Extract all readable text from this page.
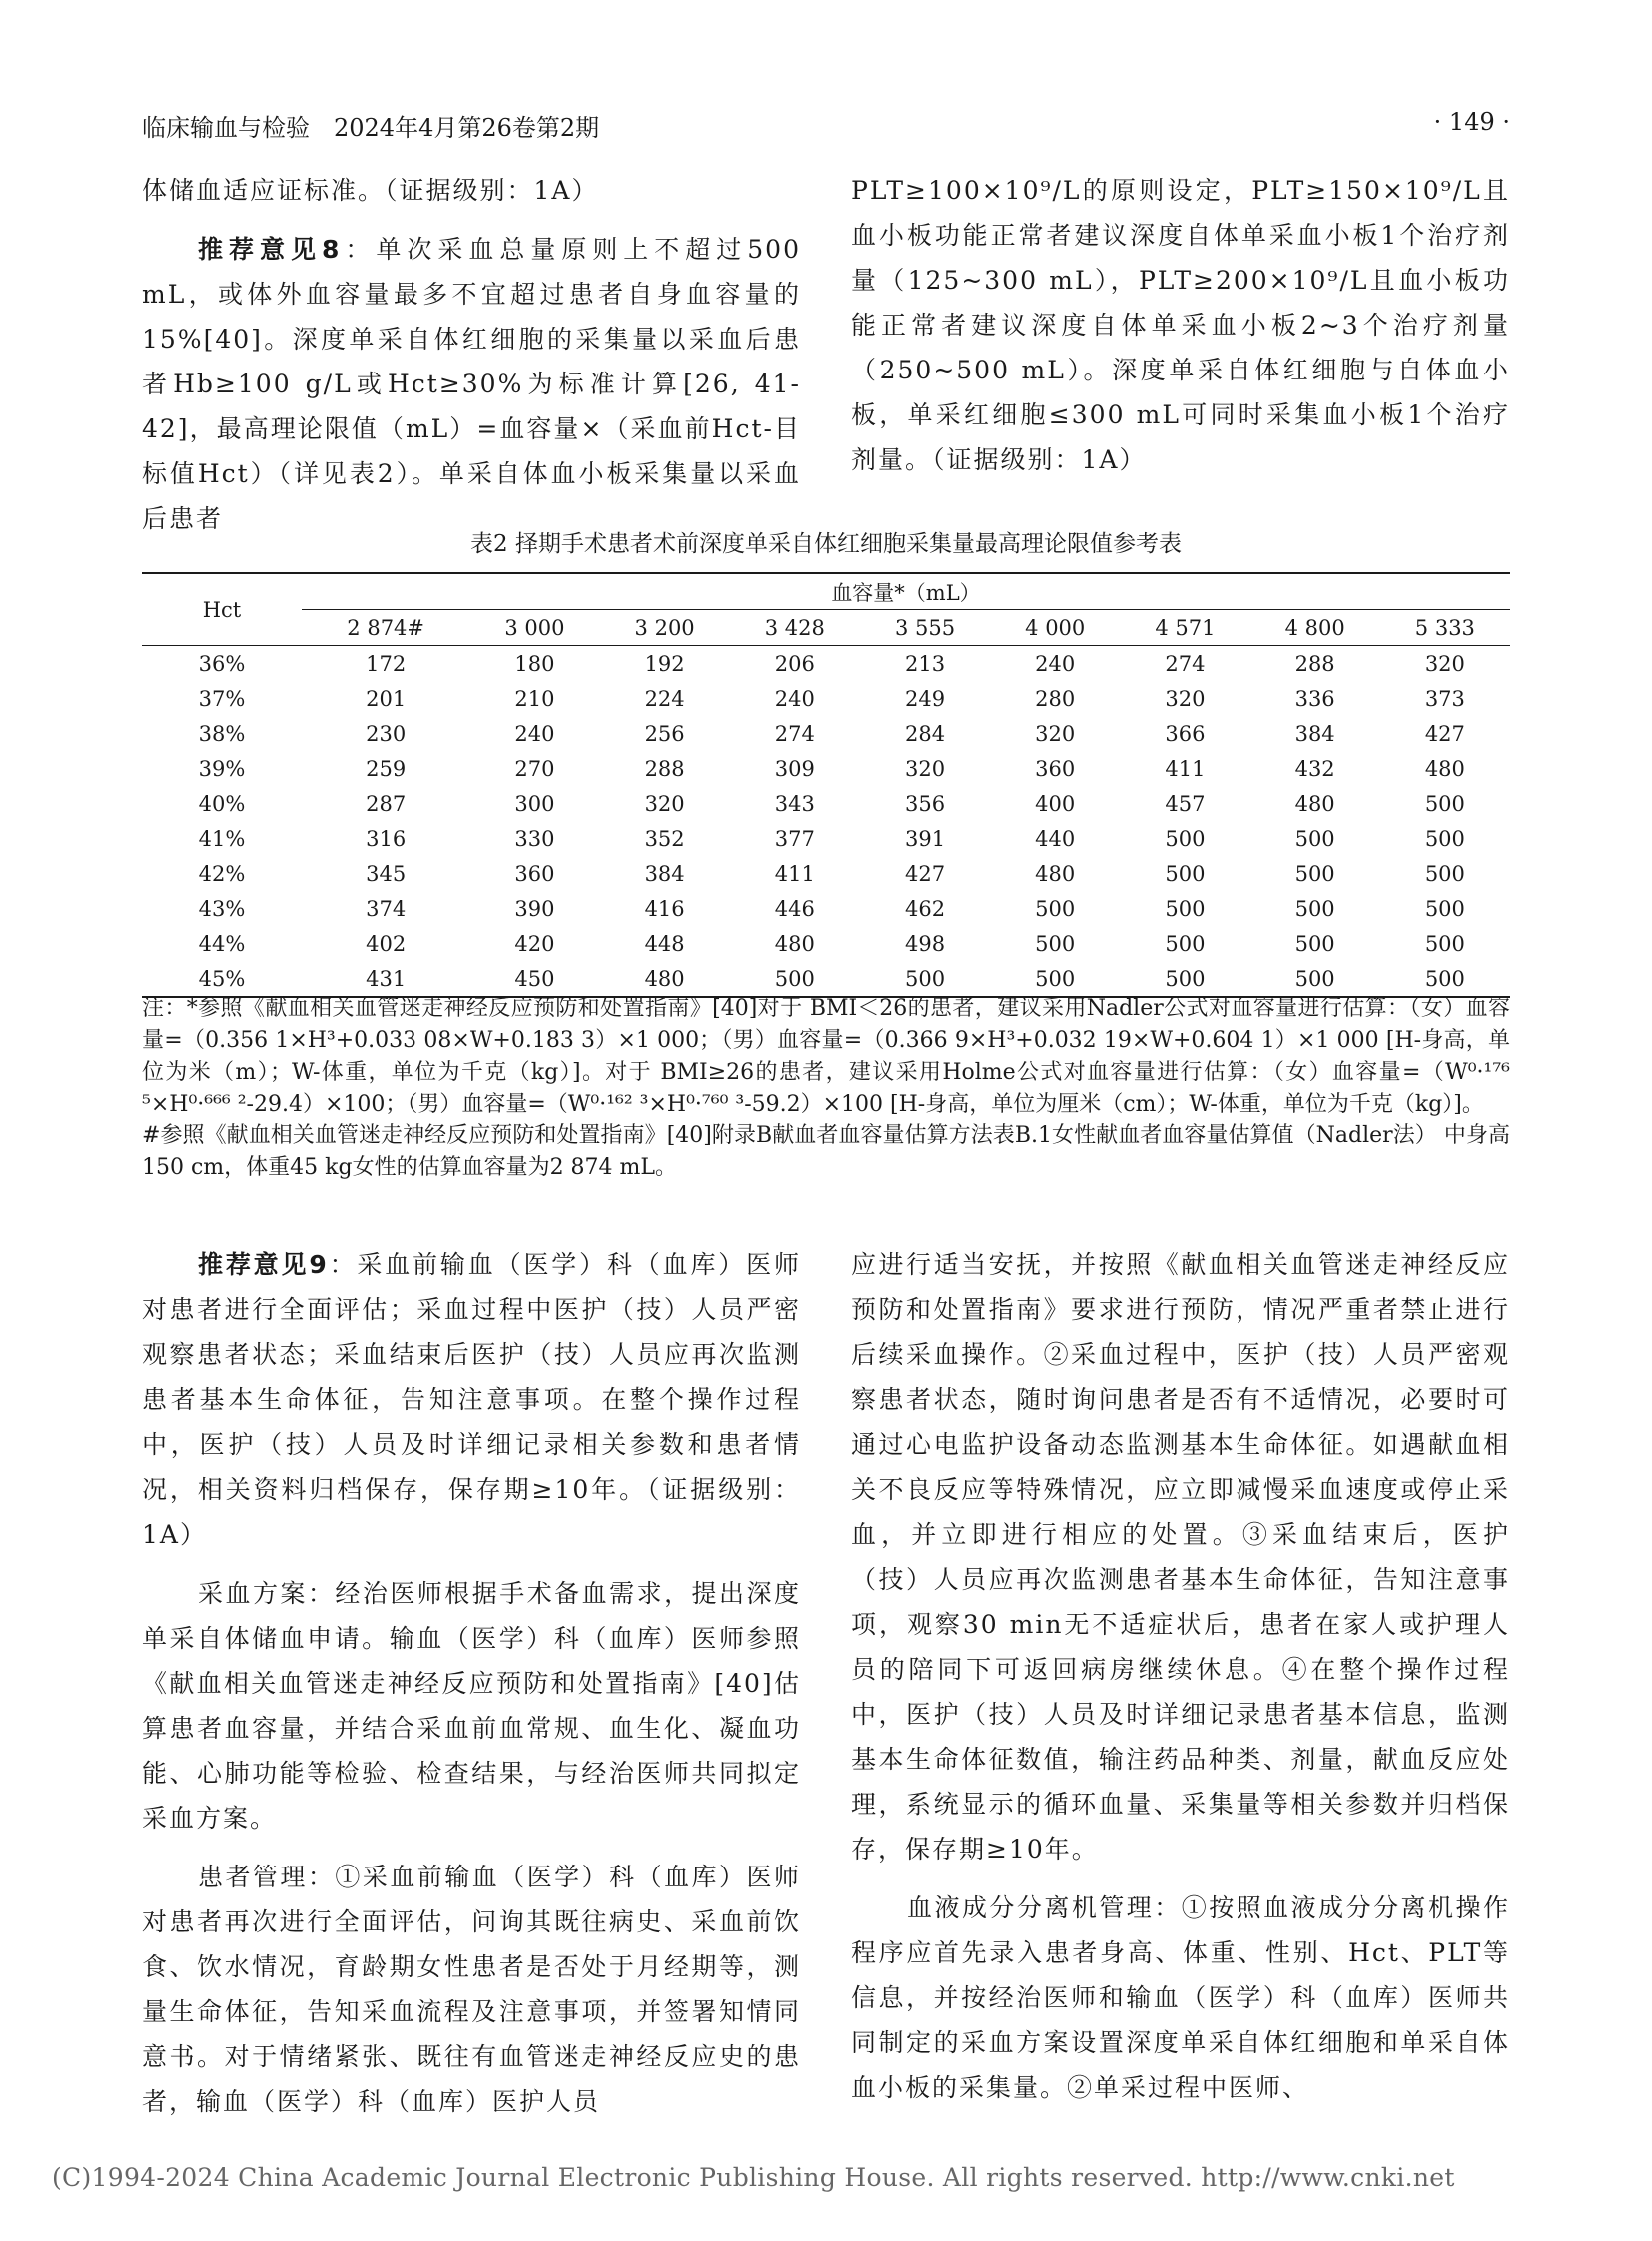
临床输血与检验　2024年4月第26卷第2期	· 149 ·

体储血适应证标准。（证据级别：1A）

推荐意见8：单次采血总量原则上不超过500 mL，或体外血容量最多不宜超过患者自身血容量的15%[40]。深度单采自体红细胞的采集量以采血后患者Hb≥100 g/L或Hct≥30%为标准计算[26, 41-42]，最高理论限值（mL）=血容量×（采血前Hct-目标值Hct）（详见表2）。单采自体血小板采集量以采血后患者

PLT≥100×10⁹/L的原则设定，PLT≥150×10⁹/L且血小板功能正常者建议深度自体单采血小板1个治疗剂量（125~300 mL），PLT≥200×10⁹/L且血小板功能正常者建议深度自体单采血小板2~3个治疗剂量（250~500 mL）。深度单采自体红细胞与自体血小板，单采红细胞≤300 mL可同时采集血小板1个治疗剂量。（证据级别：1A）

表2 择期手术患者术前深度单采自体红细胞采集量最高理论限值参考表
Hct	血容量*（mL）								
	2 874#	3 000	3 200	3 428	3 555	4 000	4 571	4 800	5 333
36%	172	180	192	206	213	240	274	288	320
37%	201	210	224	240	249	280	320	336	373
38%	230	240	256	274	284	320	366	384	427
39%	259	270	288	309	320	360	411	432	480
40%	287	300	320	343	356	400	457	480	500
41%	316	330	352	377	391	440	500	500	500
42%	345	360	384	411	427	480	500	500	500
43%	374	390	416	446	462	500	500	500	500
44%	402	420	448	480	498	500	500	500	500
45%	431	450	480	500	500	500	500	500	500

注：*参照《献血相关血管迷走神经反应预防和处置指南》[40]对于 BMI＜26的患者，建议采用Nadler公式对血容量进行估算：（女）血容量=（0.356 1×H³+0.033 08×W+0.183 3）×1 000；（男）血容量=（0.366 9×H³+0.032 19×W+0.604 1）×1 000 [H-身高，单位为米（m）；W-体重，单位为千克（kg）]。对于 BMI≥26的患者，建议采用Holme公式对血容量进行估算：（女）血容量=（W⁰·¹⁷⁶ ⁵×H⁰·⁶⁶⁶ ²-29.4）×100；（男）血容量=（W⁰·¹⁶² ³×H⁰·⁷⁶⁰ ³-59.2）×100 [H-身高，单位为厘米（cm）；W-体重，单位为千克（kg）]。

#参照《献血相关血管迷走神经反应预防和处置指南》[40]附录B献血者血容量估算方法表B.1女性献血者血容量估算值（Nadler法） 中身高150 cm，体重45 kg女性的估算血容量为2 874 mL。

推荐意见9：采血前输血（医学）科（血库）医师对患者进行全面评估；采血过程中医护（技）人员严密观察患者状态；采血结束后医护（技）人员应再次监测患者基本生命体征，告知注意事项。在整个操作过程中，医护（技）人员及时详细记录相关参数和患者情况，相关资料归档保存，保存期≥10年。（证据级别：1A）

采血方案：经治医师根据手术备血需求，提出深度单采自体储血申请。输血（医学）科（血库）医师参照《献血相关血管迷走神经反应预防和处置指南》[40]估算患者血容量，并结合采血前血常规、血生化、凝血功能、心肺功能等检验、检查结果，与经治医师共同拟定采血方案。

患者管理：①采血前输血（医学）科（血库）医师对患者再次进行全面评估，问询其既往病史、采血前饮食、饮水情况，育龄期女性患者是否处于月经期等，测量生命体征，告知采血流程及注意事项，并签署知情同意书。对于情绪紧张、既往有血管迷走神经反应史的患者，输血（医学）科（血库）医护人员

应进行适当安抚，并按照《献血相关血管迷走神经反应预防和处置指南》要求进行预防，情况严重者禁止进行后续采血操作。②采血过程中，医护（技）人员严密观察患者状态，随时询问患者是否有不适情况，必要时可通过心电监护设备动态监测基本生命体征。如遇献血相关不良反应等特殊情况，应立即减慢采血速度或停止采血，并立即进行相应的处置。③采血结束后，医护（技）人员应再次监测患者基本生命体征，告知注意事项，观察30 min无不适症状后，患者在家人或护理人员的陪同下可返回病房继续休息。④在整个操作过程中，医护（技）人员及时详细记录患者基本信息，监测基本生命体征数值，输注药品种类、剂量，献血反应处理，系统显示的循环血量、采集量等相关参数并归档保存，保存期≥10年。

血液成分分离机管理：①按照血液成分分离机操作程序应首先录入患者身高、体重、性别、Hct、PLT等信息，并按经治医师和输血（医学）科（血库）医师共同制定的采血方案设置深度单采自体红细胞和单采自体血小板的采集量。②单采过程中医师、

(C)1994-2024 China Academic Journal Electronic Publishing House. All rights reserved. http://www.cnki.net
